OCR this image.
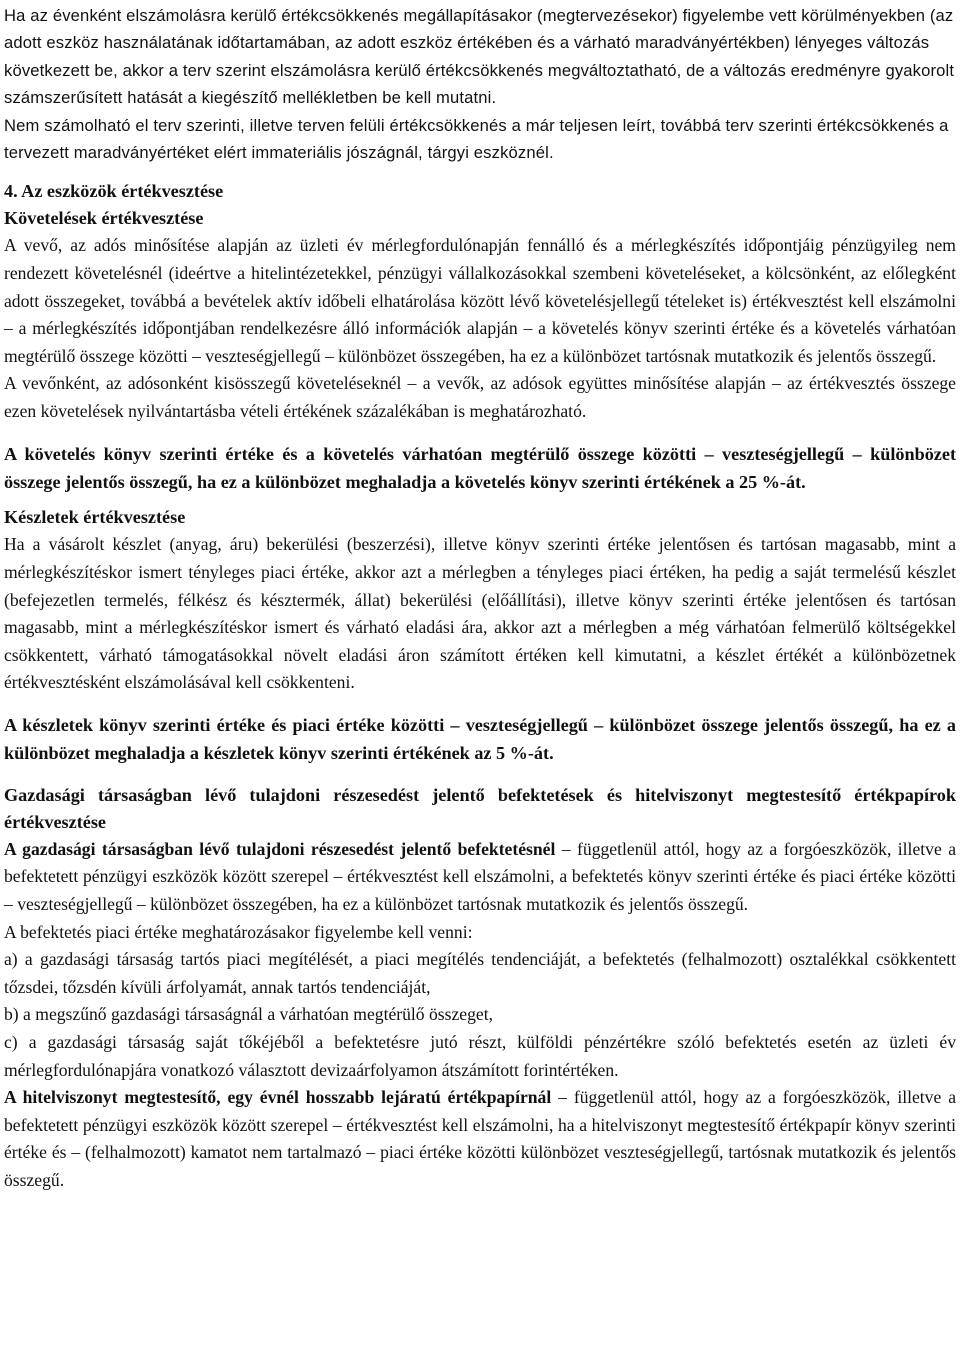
Ha az évenként elszámolásra kerülő értékcsökkenés megállapításakor (megtervezésekor) figyelembe vett körülményekben (az adott eszköz használatának időtartamában, az adott eszköz értékében és a várható maradványértékben) lényeges változás következett be, akkor a terv szerint elszámolásra kerülő értékcsökkenés megváltoztatható, de a változás eredményre gyakorolt számszerűsített hatását a kiegészítő mellékletben be kell mutatni.

Nem számolható el terv szerinti, illetve terven felüli értékcsökkenés a már teljesen leírt, továbbá terv szerinti értékcsökkenés a tervezett maradványértéket elért immateriális jószágnál, tárgyi eszköznél.

4. Az eszközök értékvesztése
Követelések értékvesztése

A vevő, az adós minősítése alapján az üzleti év mérlegfordulónapján fennálló és a mérlegkészítés időpontjáig pénzügyileg nem rendezett követelésnél (ideértve a hitelintézetekkel, pénzügyi vállalkozásokkal szembeni követeléseket, a kölcsönként, az előlegként adott összegeket, továbbá a bevételek aktív időbeli elhatárolása között lévő követelésjellegű tételeket is) értékvesztést kell elszámolni – a mérlegkészítés időpontjában rendelkezésre álló információk alapján – a követelés könyv szerinti értéke és a követelés várhatóan megtérülő összege közötti – veszteségjellegű – különbözet összegében, ha ez a különbözet tartósnak mutatkozik és jelentős összegű.

A vevőnként, az adósonként kisösszegű követeléseknél – a vevők, az adósok együttes minősítése alapján – az értékvesztés összege ezen követelések nyilvántartásba vételi értékének százalékában is meghatározható.

A követelés könyv szerinti értéke és a követelés várhatóan megtérülő összege közötti – veszteségjellegű – különbözet összege jelentős összegű, ha ez a különbözet meghaladja a követelés könyv szerinti értékének a 25 %-át.

Készletek értékvesztése

Ha a vásárolt készlet (anyag, áru) bekerülési (beszerzési), illetve könyv szerinti értéke jelentősen és tartósan magasabb, mint a mérlegkészítéskor ismert tényleges piaci értéke, akkor azt a mérlegben a tényleges piaci értéken, ha pedig a saját termelésű készlet (befejezetlen termelés, félkész és késztermék, állat) bekerülési (előállítási), illetve könyv szerinti értéke jelentősen és tartósan magasabb, mint a mérlegkészítéskor ismert és várható eladási ára, akkor azt a mérlegben a még várhatóan felmerülő költségekkel csökkentett, várható támogatásokkal növelt eladási áron számított értéken kell kimutatni, a készlet értékét a különbözetnek értékvesztésként elszámolásával kell csökkenteni.

A készletek könyv szerinti értéke és piaci értéke közötti – veszteségjellegű – különbözet összege jelentős összegű, ha ez a különbözet meghaladja a készletek könyv szerinti értékének az 5 %-át.

Gazdasági társaságban lévő tulajdoni részesedést jelentő befektetések és hitelviszonyt megtestesítő értékpapírok értékvesztése

A gazdasági társaságban lévő tulajdoni részesedést jelentő befektetésnél – függetlenül attól, hogy az a forgóeszközök, illetve a befektetett pénzügyi eszközök között szerepel – értékvesztést kell elszámolni, a befektetés könyv szerinti értéke és piaci értéke közötti – veszteségjellegű – különbözet összegében, ha ez a különbözet tartósnak mutatkozik és jelentős összegű.

A befektetés piaci értéke meghatározásakor figyelembe kell venni:

a) a gazdasági társaság tartós piaci megítélését, a piaci megítélés tendenciáját, a befektetés (felhalmozott) osztalékkal csökkentett tőzsdei, tőzsdén kívüli árfolyamát, annak tartós tendenciáját,

b) a megszűnő gazdasági társaságnál a várhatóan megtérülő összeget,

c) a gazdasági társaság saját tőkéjéből a befektetésre jutó részt, külföldi pénzértékre szóló befektetés esetén az üzleti év mérlegfordulónapjára vonatkozó választott devizaárfolyamon átszámított forintértéken.

A hitelviszonyt megtestesítő, egy évnél hosszabb lejáratú értékpapírnál – függetlenül attól, hogy az a forgóeszközök, illetve a befektetett pénzügyi eszközök között szerepel – értékvesztést kell elszámolni, ha a hitelviszonyt megtestesítő értékpapír könyv szerinti értéke és – (felhalmozott) kamatot nem tartalmazó – piaci értéke közötti különbözet veszteségjellegű, tartósnak mutatkozik és jelentős összegű.
